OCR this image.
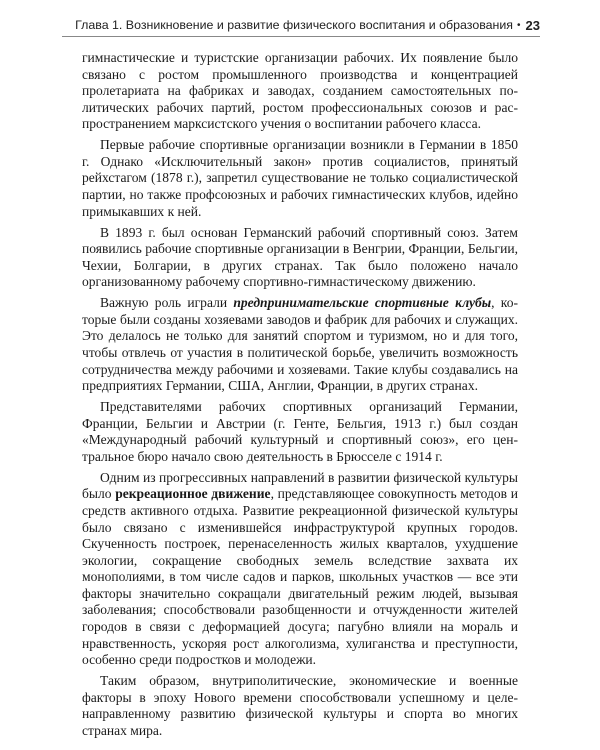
Глава 1. Возникновение и развитие физического воспитания и образования • 23

гимнастические и туристские организации рабочих. Их появление было связано с ростом промышленного производства и концентрацией пролетариата на фабриках и заводах, созданием самостоятельных политических рабочих партий, ростом профессиональных союзов и распространением марксистского учения о воспитании рабочего класса.

Первые рабочие спортивные организации возникли в Германии в 1850 г. Однако «Исключительный закон» против социалистов, принятый рейхстагом (1878 г.), запретил существование не только социалистической партии, но также профсоюзных и рабочих гимнастических клубов, идейно примыкавших к ней.

В 1893 г. был основан Германский рабочий спортивный союз. Затем появились рабочие спортивные организации в Венгрии, Франции, Бельгии, Чехии, Болгарии, в других странах. Так было положено начало организованному рабочему спортивно-гимнастическому движению.

Важную роль играли предпринимательские спортивные клубы, которые были созданы хозяевами заводов и фабрик для рабочих и служащих. Это делалось не только для занятий спортом и туризмом, но и для того, чтобы отвлечь от участия в политической борьбе, увеличить возможность сотрудничества между рабочими и хозяевами. Такие клубы создавались на предприятиях Германии, США, Англии, Франции, в других странах.

Представителями рабочих спортивных организаций Германии, Франции, Бельгии и Австрии (г. Генте, Бельгия, 1913 г.) был создан «Международный рабочий культурный и спортивный союз», его центральное бюро начало свою деятельность в Брюсселе с 1914 г.

Одним из прогрессивных направлений в развитии физической культуры было рекреационное движение, представляющее совокупность методов и средств активного отдыха. Развитие рекреационной физической культуры было связано с изменившейся инфраструктурой крупных городов. Скученность построек, перенаселенность жилых кварталов, ухудшение экологии, сокращение свободных земель вследствие захвата их монополиями, в том числе садов и парков, школьных участков — все эти факторы значительно сокращали двигательный режим людей, вызывая заболевания; способствовали разобщенности и отчужденности жителей городов в связи с деформацией досуга; пагубно влияли на мораль и нравственность, ускоряя рост алкоголизма, хулиганства и преступности, особенно среди подростков и молодежи.

Таким образом, внутриполитические, экономические и военные факторы в эпоху Нового времени способствовали успешному и целенаправленному развитию физической культуры и спорта во многих странах мира.
